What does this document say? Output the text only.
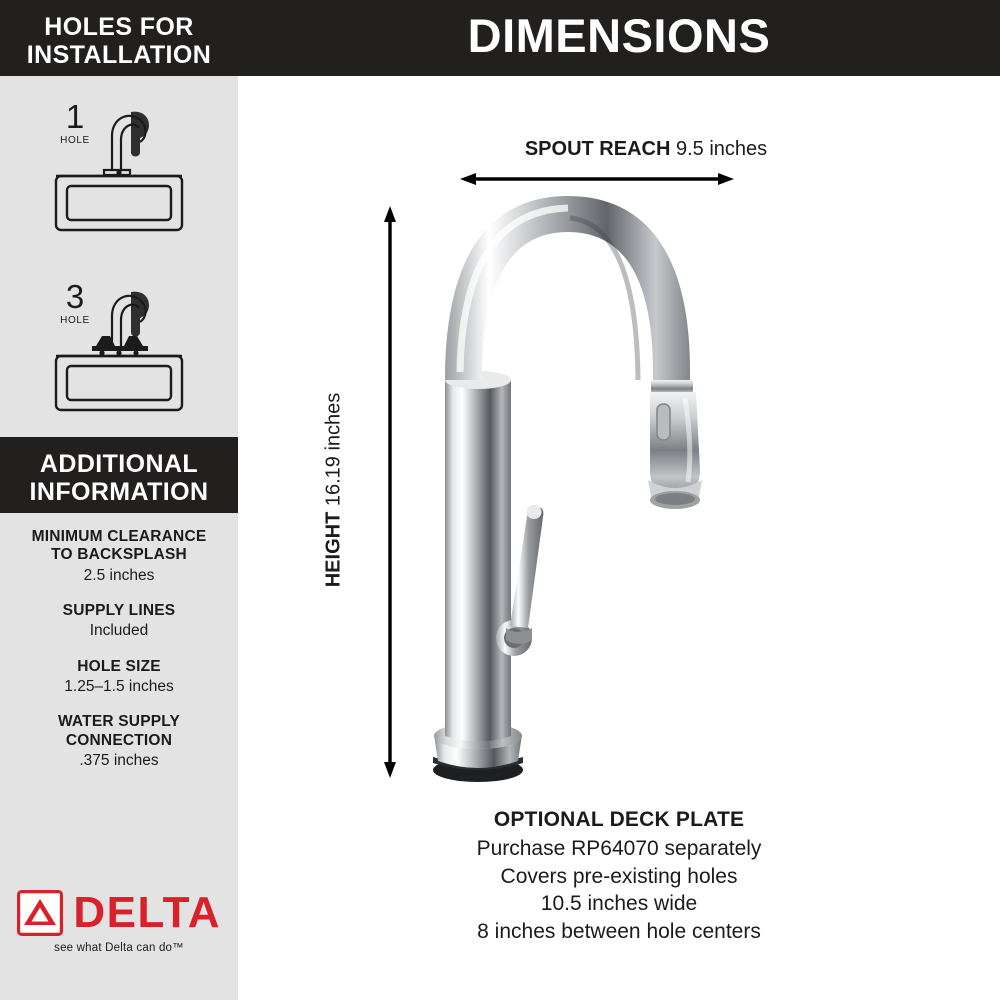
HOLES FOR
INSTALLATION
1
HOLE
3
HOLE
ADDITIONAL
INFORMATION
MINIMUM CLEARANCE
TO BACKSPLASH
2.5 inches
SUPPLY LINES
Included
HOLE SIZE
1.25–1.5 inches
WATER SUPPLY
CONNECTION
.375 inches
DELTA
see what Delta can do™
DIMENSIONS
SPOUT REACH 9.5 inches
HEIGHT 16.19 inches
OPTIONAL DECK PLATE
Purchase RP64070 separately
Covers pre-existing holes
10.5 inches wide
8 inches between hole centers
